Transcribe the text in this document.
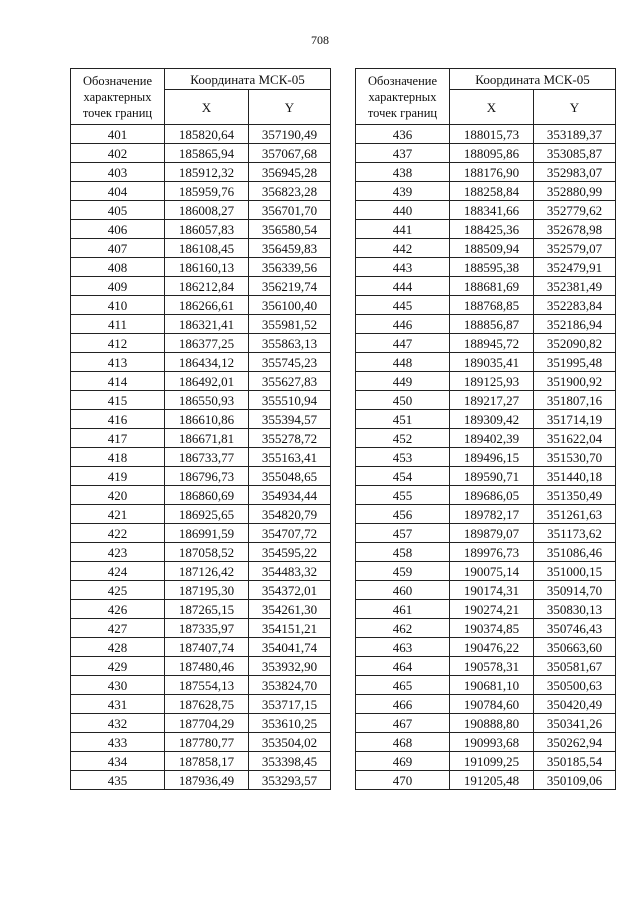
708
Обозначение характерных точек границ	Координата МСК-05	
	X	Y
401	185820,64	357190,49
402	185865,94	357067,68
403	185912,32	356945,28
404	185959,76	356823,28
405	186008,27	356701,70
406	186057,83	356580,54
407	186108,45	356459,83
408	186160,13	356339,56
409	186212,84	356219,74
410	186266,61	356100,40
411	186321,41	355981,52
412	186377,25	355863,13
413	186434,12	355745,23
414	186492,01	355627,83
415	186550,93	355510,94
416	186610,86	355394,57
417	186671,81	355278,72
418	186733,77	355163,41
419	186796,73	355048,65
420	186860,69	354934,44
421	186925,65	354820,79
422	186991,59	354707,72
423	187058,52	354595,22
424	187126,42	354483,32
425	187195,30	354372,01
426	187265,15	354261,30
427	187335,97	354151,21
428	187407,74	354041,74
429	187480,46	353932,90
430	187554,13	353824,70
431	187628,75	353717,15
432	187704,29	353610,25
433	187780,77	353504,02
434	187858,17	353398,45
435	187936,49	353293,57
Обозначение характерных точек границ	Координата МСК-05	
	X	Y
436	188015,73	353189,37
437	188095,86	353085,87
438	188176,90	352983,07
439	188258,84	352880,99
440	188341,66	352779,62
441	188425,36	352678,98
442	188509,94	352579,07
443	188595,38	352479,91
444	188681,69	352381,49
445	188768,85	352283,84
446	188856,87	352186,94
447	188945,72	352090,82
448	189035,41	351995,48
449	189125,93	351900,92
450	189217,27	351807,16
451	189309,42	351714,19
452	189402,39	351622,04
453	189496,15	351530,70
454	189590,71	351440,18
455	189686,05	351350,49
456	189782,17	351261,63
457	189879,07	351173,62
458	189976,73	351086,46
459	190075,14	351000,15
460	190174,31	350914,70
461	190274,21	350830,13
462	190374,85	350746,43
463	190476,22	350663,60
464	190578,31	350581,67
465	190681,10	350500,63
466	190784,60	350420,49
467	190888,80	350341,26
468	190993,68	350262,94
469	191099,25	350185,54
470	191205,48	350109,06
